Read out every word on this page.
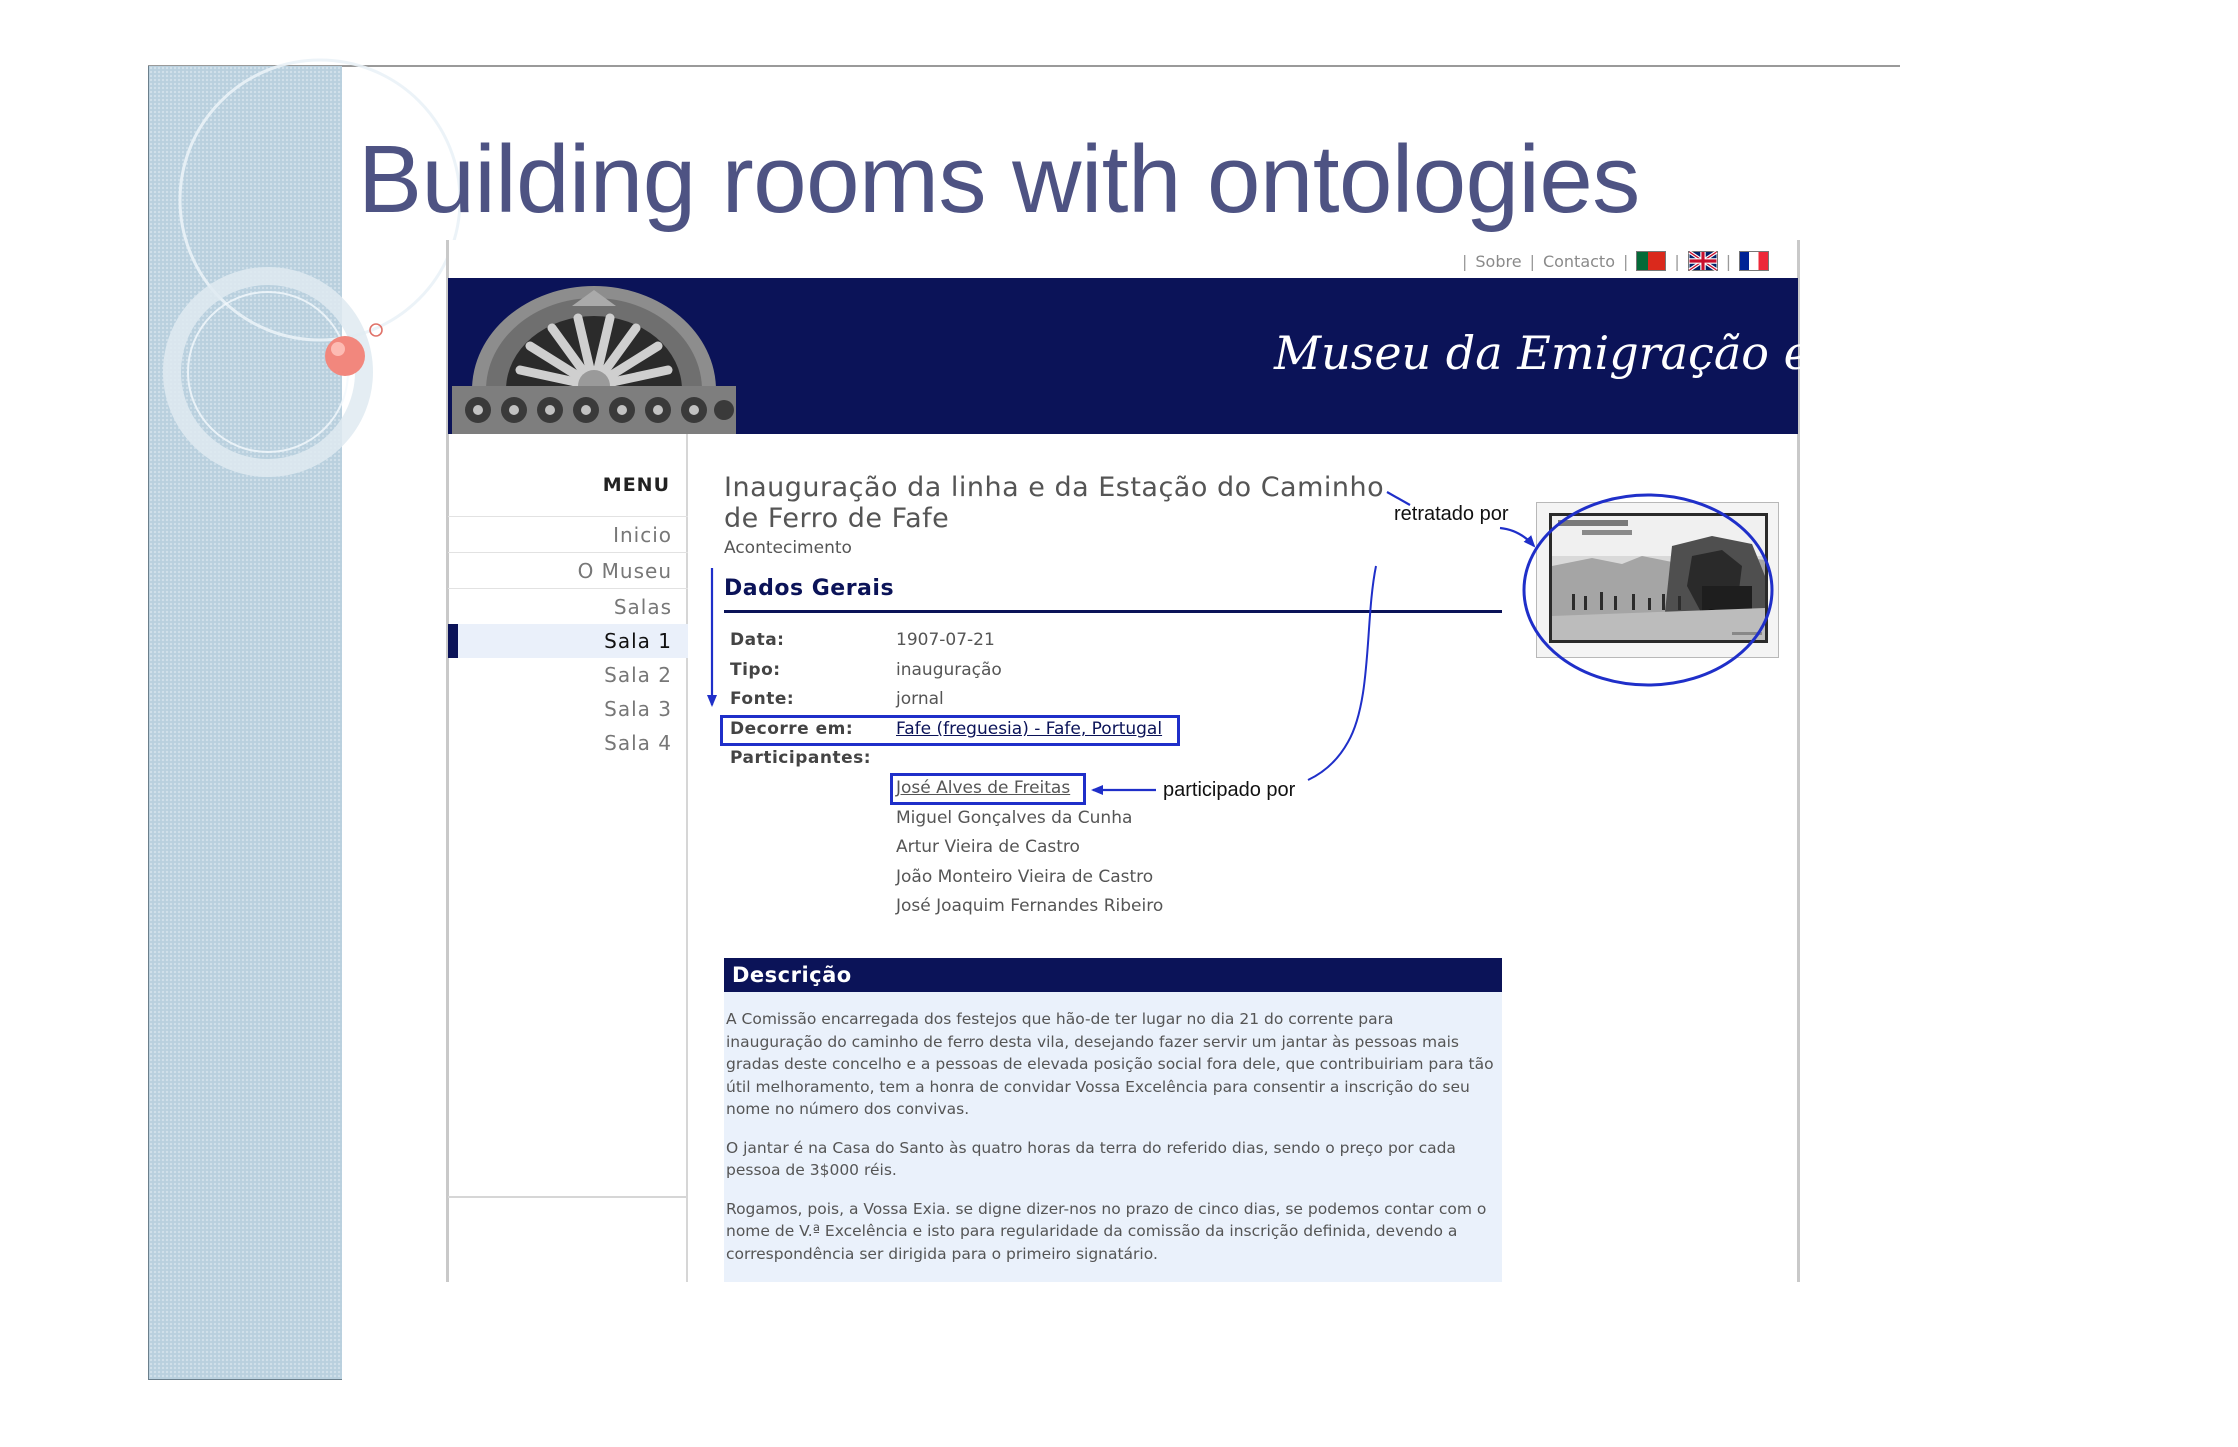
Building rooms with ontologies
| Sobre | Contacto |	|	|
Museu da Emigração e das Comunidades
MENU
Inicio
O Museu
Salas
Sala 1
Sala 2
Sala 3
Sala 4
Inauguração da linha e da Estação do Caminho de Ferro de Fafe
Acontecimento
Dados Gerais
Data:	1907-07-21
Tipo:	inauguração
Fonte:	jornal
Decorre em:	Fafe (freguesia) - Fafe, Portugal
Participantes:
José Alves de Freitas
Miguel Gonçalves da Cunha
Artur Vieira de Castro
João Monteiro Vieira de Castro
José Joaquim Fernandes Ribeiro
Descrição

A Comissão encarregada dos festejos que hão-de ter lugar no dia 21 do corrente para inauguração do caminho de ferro desta vila, desejando fazer servir um jantar às pessoas mais gradas deste concelho e a pessoas de elevada posição social fora dele, que contribuiriam para tão útil melhoramento, tem a honra de convidar Vossa Excelência para consentir a inscrição do seu nome no número dos convivas.

O jantar é na Casa do Santo às quatro horas da terra do referido dias, sendo o preço por cada pessoa de 3$000 réis.

Rogamos, pois, a Vossa Exia. se digne dizer-nos no prazo de cinco dias, se podemos contar com o nome de V.ª Excelência e isto para regularidade da comissão da inscrição definida, devendo a correspondência ser dirigida para o primeiro signatário.

retratado por
participado por
